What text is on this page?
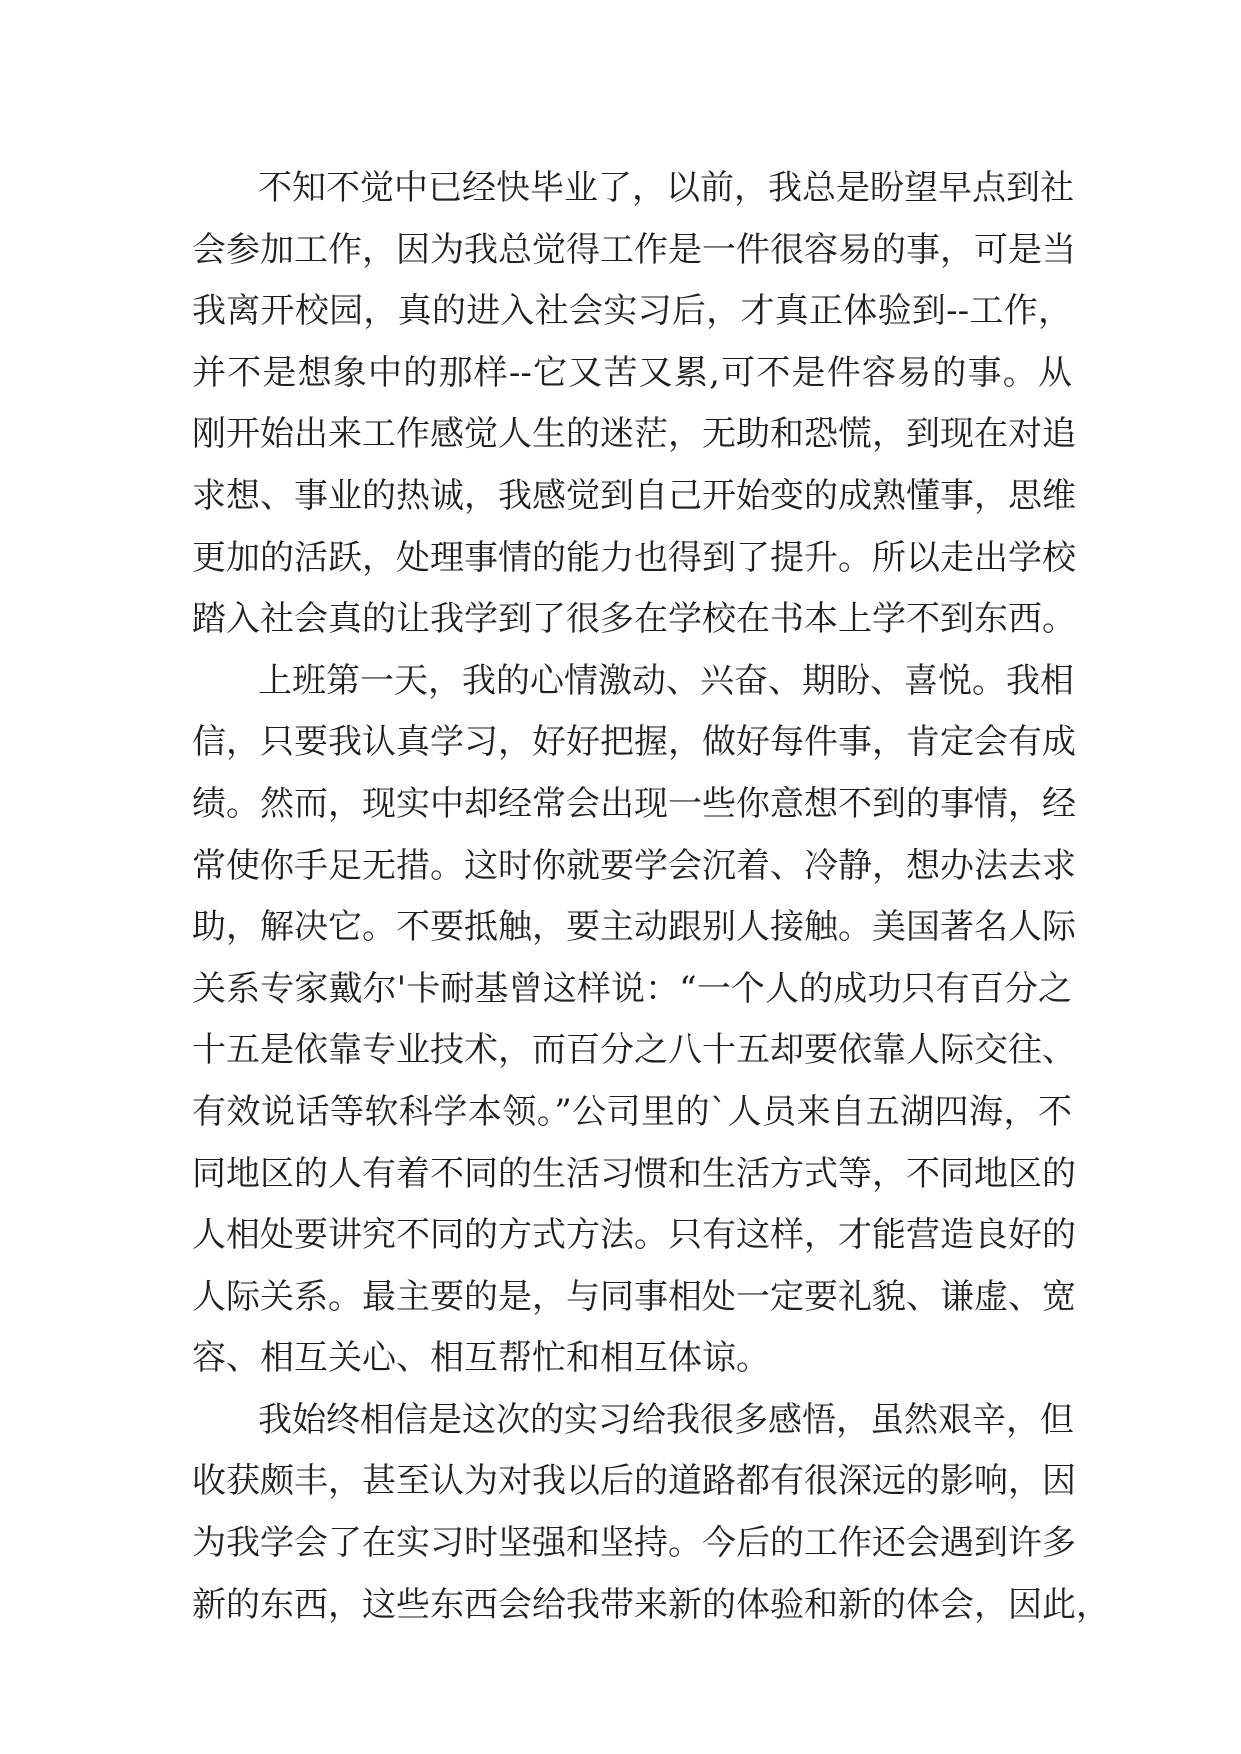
不知不觉中已经快毕业了，以前，我总是盼望早点到社
会参加工作，因为我总觉得工作是一件很容易的事，可是当
我离开校园，真的进入社会实习后，才真正体验到--工作，
并不是想象中的那样--它又苦又累,可不是件容易的事。从
刚开始出来工作感觉人生的迷茫，无助和恐慌，到现在对追
求想、事业的热诚，我感觉到自己开始变的成熟懂事，思维
更加的活跃，处理事情的能力也得到了提升。所以走出学校
踏入社会真的让我学到了很多在学校在书本上学不到东西。
上班第一天，我的心情激动、兴奋、期盼、喜悦。我相
信，只要我认真学习，好好把握，做好每件事，肯定会有成
绩。然而，现实中却经常会出现一些你意想不到的事情，经
常使你手足无措。这时你就要学会沉着、冷静，想办法去求
助，解决它。不要抵触，要主动跟别人接触。美国著名人际
关系专家戴尔'卡耐基曾这样说：“一个人的成功只有百分之
十五是依靠专业技术，而百分之八十五却要依靠人际交往、
有效说话等软科学本领。”公司里的`人员来自五湖四海，不
同地区的人有着不同的生活习惯和生活方式等，不同地区的
人相处要讲究不同的方式方法。只有这样，才能营造良好的
人际关系。最主要的是，与同事相处一定要礼貌、谦虚、宽
容、相互关心、相互帮忙和相互体谅。
我始终相信是这次的实习给我很多感悟，虽然艰辛，但
收获颇丰，甚至认为对我以后的道路都有很深远的影响，因
为我学会了在实习时坚强和坚持。今后的工作还会遇到许多
新的东西，这些东西会给我带来新的体验和新的体会，因此，
